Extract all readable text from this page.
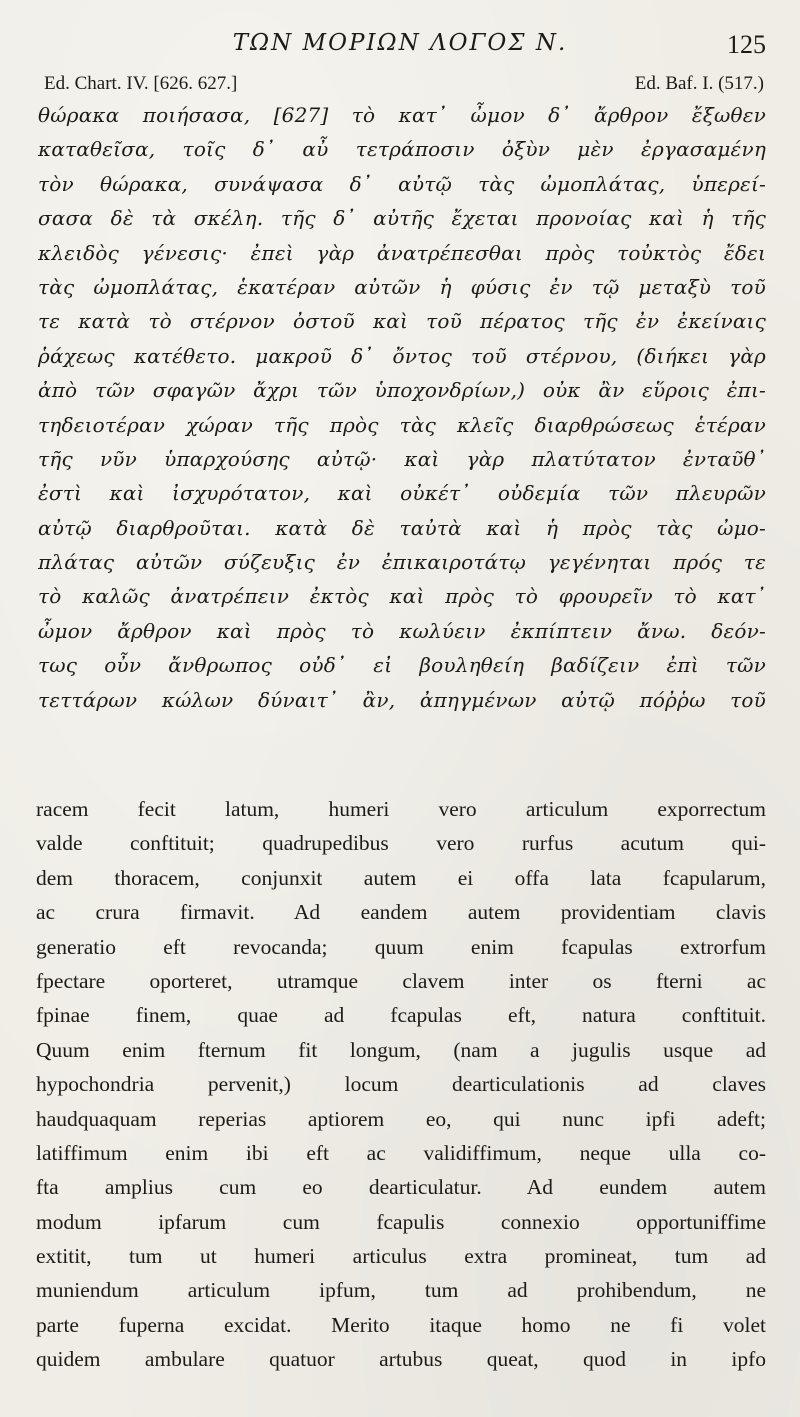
ΤΩΝ ΜΟΡΙΩΝ ΛΟΓΟΣ Ν.	125
Ed. Chart. IV. [626. 627.]	Ed. Baf. I. (517.)
θώρακα ποιήσασα, [627] τὸ κατ᾽ ὦμον δ᾽ ἄρθρον ἔξωθεν
καταθεῖσα, τοῖς δ᾽ αὖ τετράποσιν ὀξὺν μὲν ἐργασαμένη
τὸν θώρακα, συνάψασα δ᾽ αὐτῷ τὰς ὠμοπλάτας, ὑπερεί-
σασα δὲ τὰ σκέλη. τῆς δ᾽ αὐτῆς ἔχεται προνοίας καὶ ἡ τῆς
κλειδὸς γένεσις· ἐπεὶ γὰρ ἀνατρέπεσθαι πρὸς τοὐκτὸς ἔδει
τὰς ὠμοπλάτας, ἑκατέραν αὐτῶν ἡ φύσις ἐν τῷ μεταξὺ τοῦ
τε κατὰ τὸ στέρνον ὀστοῦ καὶ τοῦ πέρατος τῆς ἐν ἐκείναις
ῥάχεως κατέθετο. μακροῦ δ᾽ ὄντος τοῦ στέρνου, (διήκει γὰρ
ἀπὸ τῶν σφαγῶν ἄχρι τῶν ὑποχονδρίων,) οὐκ ἂν εὕροις ἐπι-
τηδειοτέραν χώραν τῆς πρὸς τὰς κλεῖς διαρθρώσεως ἑτέραν
τῆς νῦν ὑπαρχούσης αὐτῷ· καὶ γὰρ πλατύτατον ἐνταῦθ᾽
ἐστὶ καὶ ἰσχυρότατον, καὶ οὐκέτ᾽ οὐδεμία τῶν πλευρῶν
αὐτῷ διαρθροῦται. κατὰ δὲ ταὐτὰ καὶ ἡ πρὸς τὰς ὠμο-
πλάτας αὐτῶν σύζευξις ἐν ἐπικαιροτάτῳ γεγένηται πρός τε
τὸ καλῶς ἀνατρέπειν ἐκτὸς καὶ πρὸς τὸ φρουρεῖν τὸ κατ᾽
ὦμον ἄρθρον καὶ πρὸς τὸ κωλύειν ἐκπίπτειν ἄνω. δεόν-
τως οὖν ἄνθρωπος οὐδ᾽ εἰ βουληθείη βαδίζειν ἐπὶ τῶν
τεττάρων κώλων δύναιτ᾽ ἂν, ἀπηγμένων αὐτῷ πόῤῥω τοῦ
racem fecit latum, humeri vero articulum exporrectum
valde conftituit; quadrupedibus vero rurfus acutum qui-
dem thoracem, conjunxit autem ei offa lata fcapularum,
ac crura firmavit. Ad eandem autem providentiam clavis
generatio eft revocanda; quum enim fcapulas extrorfum
fpectare oporteret, utramque clavem inter os fterni ac
fpinae finem, quae ad fcapulas eft, natura conftituit.
Quum enim fternum fit longum, (nam a jugulis usque ad
hypochondria pervenit,) locum dearticulationis ad claves
haudquaquam reperias aptiorem eo, qui nunc ipfi adeft;
latiffimum enim ibi eft ac validiffimum, neque ulla co-
fta amplius cum eo dearticulatur. Ad eundem autem
modum ipfarum cum fcapulis connexio opportuniffime
extitit, tum ut humeri articulus extra promineat, tum ad
muniendum articulum ipfum, tum ad prohibendum, ne
parte fuperna excidat. Merito itaque homo ne fi volet
quidem ambulare quatuor artubus queat, quod in ipfo
